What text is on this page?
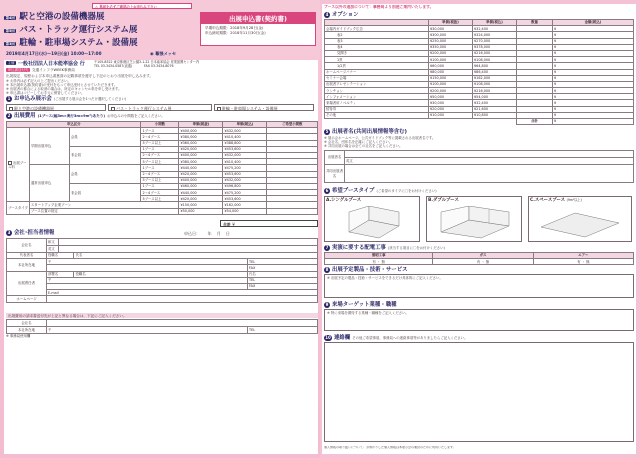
⚠ 裏面を必ずご確認の上お申込み下さい
第4回 駅と空港の設備機器展
第5回 バス・トラック運行システム展
第3回 駐輪・駐車場システム・設備展
2019年4月17日(水)～19日(金) 10:00～17:00	◉ 幕張メッセ
出展申込書(契約書)
早期申込期限：2018年9月28日(金)
申込締切期限：2018年11月30日(金)
主催 一般社団法人日本能率協会 行	〒105-8522 東京都港区芝公園3-1-22 日本能率協会 産業振興センター内
TEL 03-3434-0587(直通)	FAX 03-3434-8076
申込書送付先 交通インフラWEEK事務局
出展規定、規程および本申込書裏面の記載事項を遵守し下記のとおり出展を申し込みます。
※ 太枠内は必ず記入の上ご提出ください。
※ 本出展申込書(契約書)の受付をもって申込受付とさせていただきます。
※ 出展者の都合による取消の場合は、所定のキャンセル料を申し受けます。
※ 申込書はコピーしてお手元に保管してください。
1 お申込み展示会 (ご出展する展示会を1つだけ選択してください)
駅と空港の設備機器展	バス・トラック運行システム展	駐輪・駐車場システム・設備展
2 出展費用 (1ブース(幅3m×奥行3m=9m²)あたり) お申込みの小間数をご記入ください。
申込区分			小間数	単価(税抜)	単価(税込)	ご希望小間数
出展ブース料	早期出展申込	会員	1ブース	¥400,000	¥432,000	
			2～4ブース	¥380,000	¥410,400	
			5ブース以上	¥360,000	¥388,800	
		非会員	1ブース	¥420,000	¥453,600	
			2～4ブース	¥400,000	¥432,000	
			5ブース以上	¥380,000	¥410,400	
	通常出展申込	会員	1ブース	¥440,000	¥475,200	
			2～4ブース	¥420,000	¥453,600	
			5ブース以上	¥400,000	¥432,000	
		非会員	1ブース	¥460,000	¥496,800	
			2～4ブース	¥440,000	¥475,200	
			5ブース以上	¥420,000	¥453,600	
ブースタイプ	スタートアップ企業ゾーン			¥150,000	¥162,000	
	ブース位置の指定			¥50,000	¥54,000	
合計 ¥
3 会社･担当者情報	申込日： 年 月 日
会社名	和文			
	英文			
代表者名	役職名		氏名	
本社所在地	〒			TEL
				FAX
出展責任者	部署名		役職名	氏名
	〒			TEL
				FAX
	E-mail			
ホームページ				
出展費用の請求書送付先が上記と異なる場合は、下記にご記入ください。
会社名		
本社所在地	〒	TEL
※ 事務局使用欄
ブース以外の追加について：事務局より別途ご案内いたします。
4 オプション
	単価(税抜)	単価(税込)	数量	金額(税込)
会場内ガイドブック広告	¥30,000	¥32,400		¥
表2	¥300,000	¥324,000		¥
表3	¥250,000	¥270,000		¥
表4	¥350,000	¥378,000		¥
見開き	¥200,000	¥216,000		¥
1頁	¥100,000	¥108,000		¥
1/2頁	¥60,000	¥64,800		¥
ホームページバナー	¥80,000	¥86,400		¥
セミナー会場	¥150,000	¥162,000		¥
出展者プレゼンテーション	¥100,000	¥108,000		¥
ランチョン	¥200,000	¥216,000		¥
インフォメーション	¥50,000	¥54,000		¥
来場者用ノベルティ	¥30,000	¥32,400		¥
招待券	¥20,000	¥21,600		¥
その他	¥10,000	¥10,800		¥
			合計	¥
5 出展者名(共同出展情報等含む)
※ 展示会ホームページ、公式ガイドブック等に掲載される出展者名です。
※ 会社名、団体名を正確にご記入ください。
※ 共同出展の場合は全ての社名をご記入ください。
出展者名	
	英文
共同出展者名	
6 希望ブースタイプ (ご希望のタイプに〇をお付けください)
A.シングルブース	B.ダブルブース	C.スペースブース (9m²以上)
7 実演に要する配電工事 (該当する項目に〇をお付けください)
照明工事	ガス	エアー
有 ・ 無	有 ・ 無	有 ・ 無
8 出展予定製品・技術・サービス
※ 出展予定の製品・技術・サービスをできるだけ具体的にご記入ください。
9 来場ターゲット業種・職種
※ 特に来場を期待する業種・職種をご記入ください。
10 連絡欄 その他ご希望事項、事務局への連絡事項等がありましたらご記入ください。
個人情報の取り扱いについて：お預かりした個人情報は本展示会の運営のために利用いたします。
